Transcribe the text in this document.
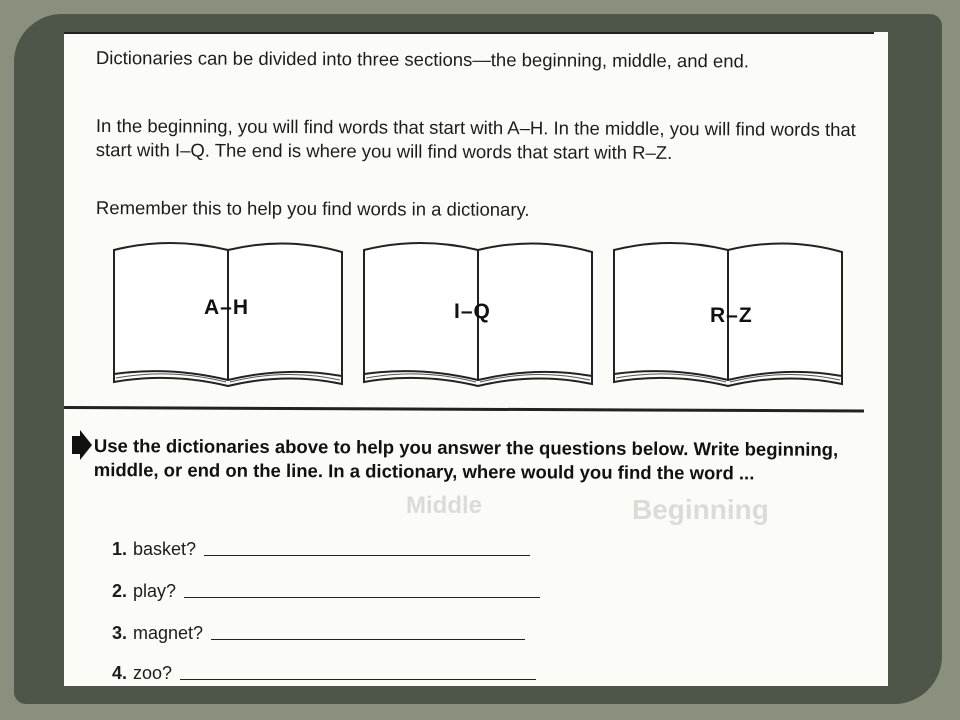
Middle	Beginning

Dictionaries can be divided into three sections—the beginning, middle, and end.

In the beginning, you will find words that start with A–H. In the middle, you will find words that start with I–Q. The end is where you will find words that start with R–Z.

Remember this to help you find words in a dictionary.

A–H	I–Q	R–Z

Use the dictionaries above to help you answer the questions below. Write beginning, middle, or end on the line. In a dictionary, where would you find the word ...

1. basket?
2. play?
3. magnet?
4. zoo?
